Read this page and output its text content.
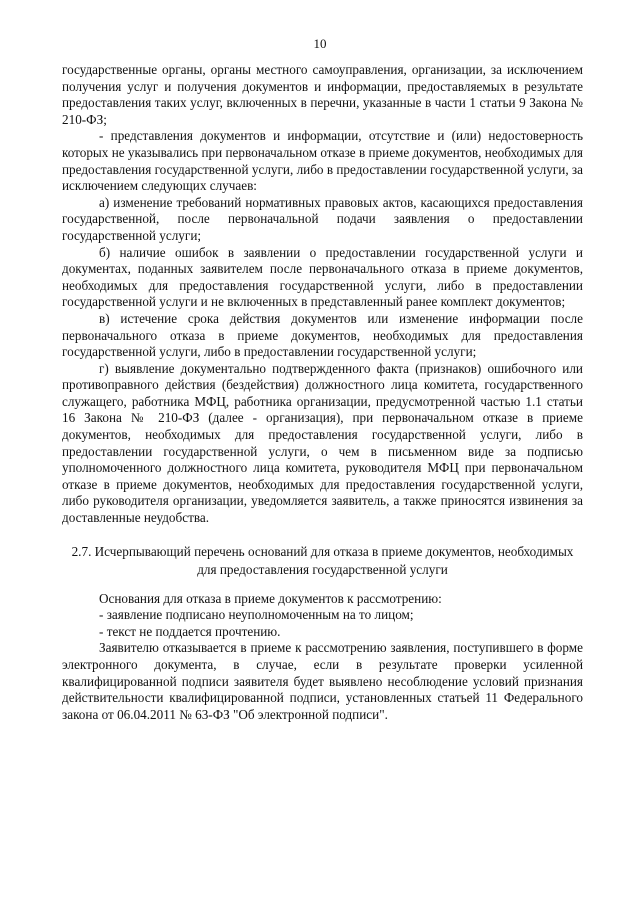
10

государственные органы, органы местного самоуправления, организации, за исключением получения услуг и получения документов и информации, предоставляемых в результате предоставления таких услуг, включенных в перечни, указанные в части 1 статьи 9 Закона № 210-ФЗ;

- представления документов и информации, отсутствие и (или) недостоверность которых не указывались при первоначальном отказе в приеме документов, необходимых для предоставления государственной услуги, либо в предоставлении государственной услуги, за исключением следующих случаев:

а) изменение требований нормативных правовых актов, касающихся предоставления государственной, после первоначальной подачи заявления о предоставлении государственной услуги;

б) наличие ошибок в заявлении о предоставлении государственной услуги и документах, поданных заявителем после первоначального отказа в приеме документов, необходимых для предоставления государственной услуги, либо в предоставлении государственной услуги и не включенных в представленный ранее комплект документов;

в) истечение срока действия документов или изменение информации после первоначального отказа в приеме документов, необходимых для предоставления государственной услуги, либо в предоставлении государственной услуги;

г) выявление документально подтвержденного факта (признаков) ошибочного или противоправного действия (бездействия) должностного лица комитета, государственного служащего, работника МФЦ, работника организации, предусмотренной частью 1.1 статьи 16 Закона № 210-ФЗ (далее - организация), при первоначальном отказе в приеме документов, необходимых для предоставления государственной услуги, либо в предоставлении государственной услуги, о чем в письменном виде за подписью уполномоченного должностного лица комитета, руководителя МФЦ при первоначальном отказе в приеме документов, необходимых для предоставления государственной услуги, либо руководителя организации, уведомляется заявитель, а также приносятся извинения за доставленные неудобства.

2.7. Исчерпывающий перечень оснований для отказа в приеме документов, необходимых для предоставления государственной услуги

Основания для отказа в приеме документов к рассмотрению:

- заявление подписано неуполномоченным на то лицом;

- текст не поддается прочтению.

Заявителю отказывается в приеме к рассмотрению заявления, поступившего в форме электронного документа, в случае, если в результате проверки усиленной квалифицированной подписи заявителя будет выявлено несоблюдение условий признания действительности квалифицированной подписи, установленных статьей 11 Федерального закона от 06.04.2011 № 63-ФЗ "Об электронной подписи".
